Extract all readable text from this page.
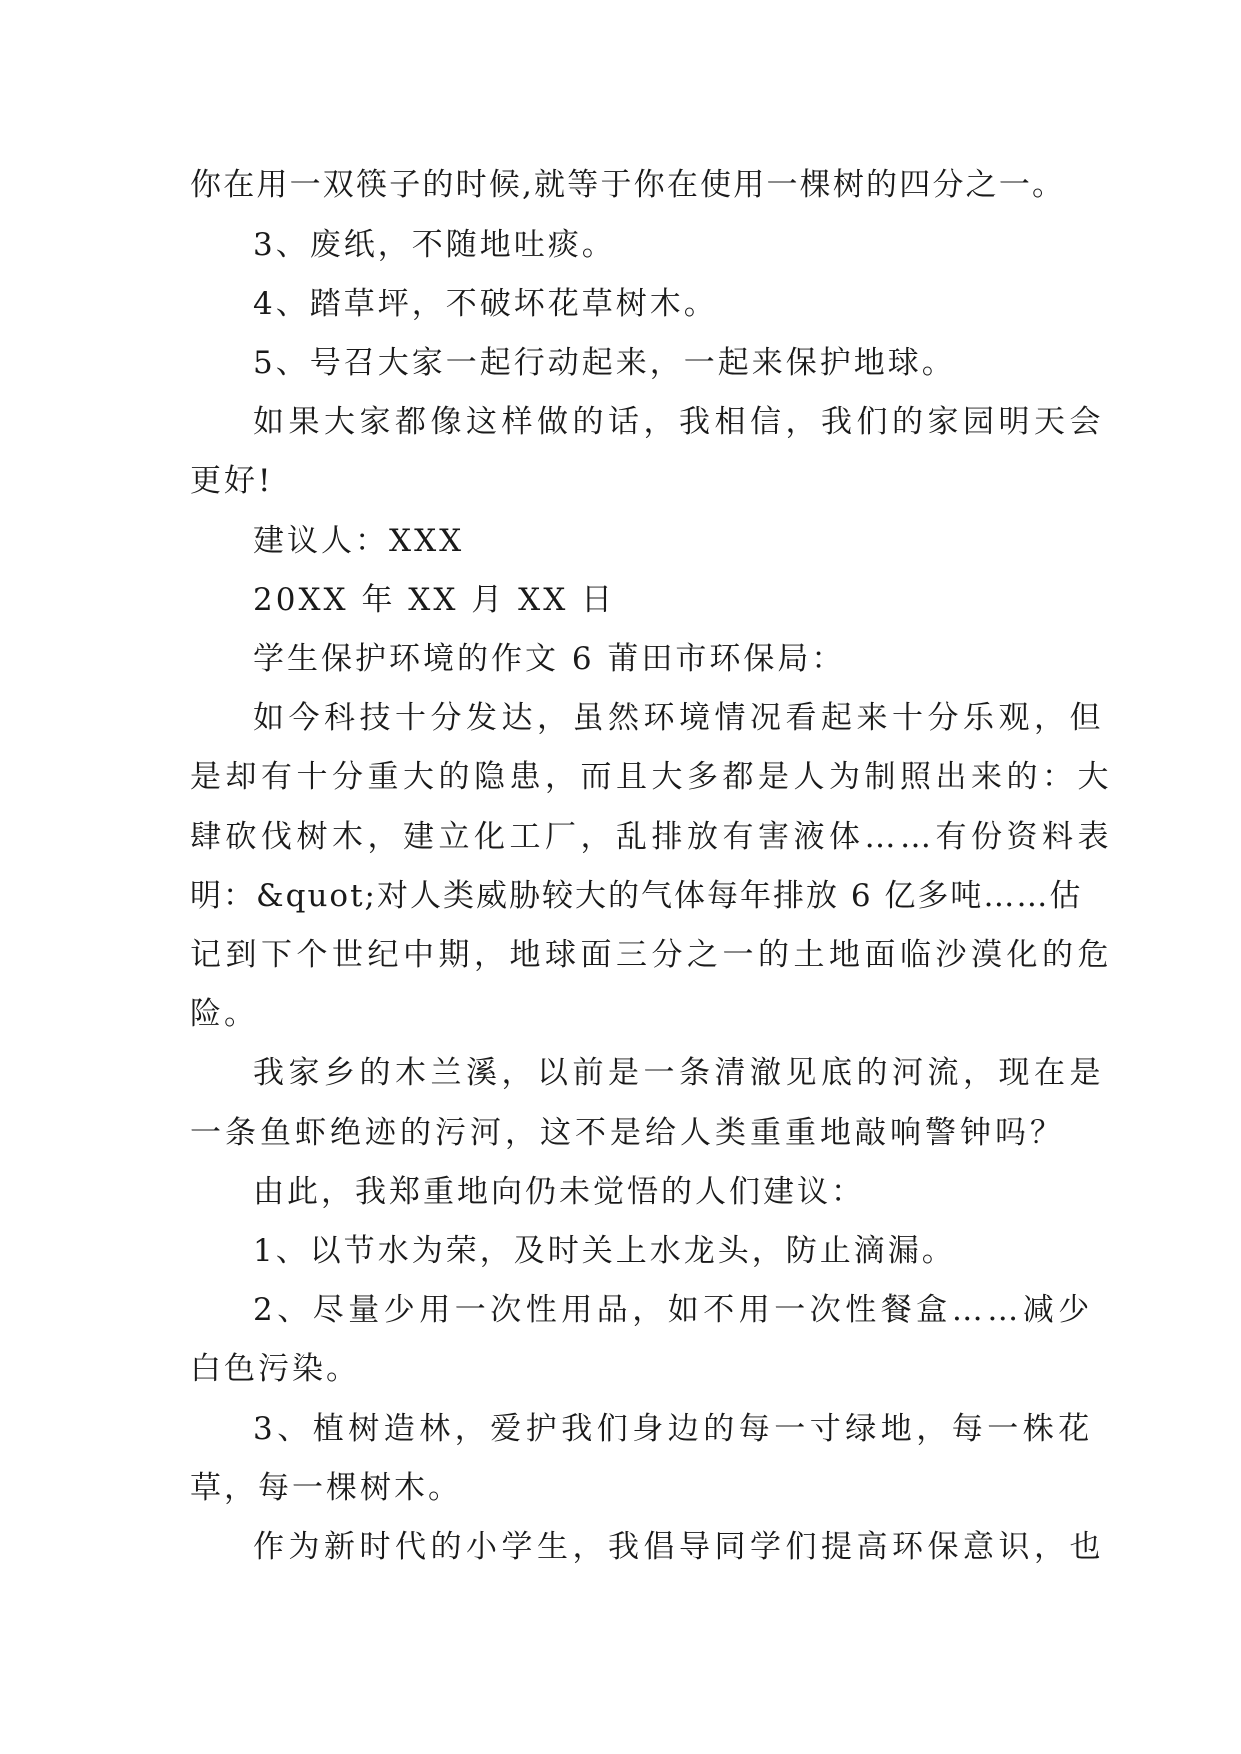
你在用一双筷子的时候,就等于你在使用一棵树的四分之一。
3、废纸，不随地吐痰。
4、踏草坪，不破坏花草树木。
5、号召大家一起行动起来，一起来保护地球。
如果大家都像这样做的话，我相信，我们的家园明天会
更好!
建议人：XXX
20XX 年 XX 月 XX 日
学生保护环境的作文 6 莆田市环保局：
如今科技十分发达，虽然环境情况看起来十分乐观，但
是却有十分重大的隐患，而且大多都是人为制照出来的：大
肆砍伐树木，建立化工厂，乱排放有害液体……有份资料表
明：&quot;对人类威胁较大的气体每年排放 6 亿多吨……估
记到下个世纪中期，地球面三分之一的土地面临沙漠化的危
险。
我家乡的木兰溪，以前是一条清澈见底的河流，现在是
一条鱼虾绝迹的污河，这不是给人类重重地敲响警钟吗？
由此，我郑重地向仍未觉悟的人们建议：
1、以节水为荣，及时关上水龙头，防止滴漏。
2、尽量少用一次性用品，如不用一次性餐盒……减少
白色污染。
3、植树造林，爱护我们身边的每一寸绿地，每一株花
草，每一棵树木。
作为新时代的小学生，我倡导同学们提高环保意识，也
